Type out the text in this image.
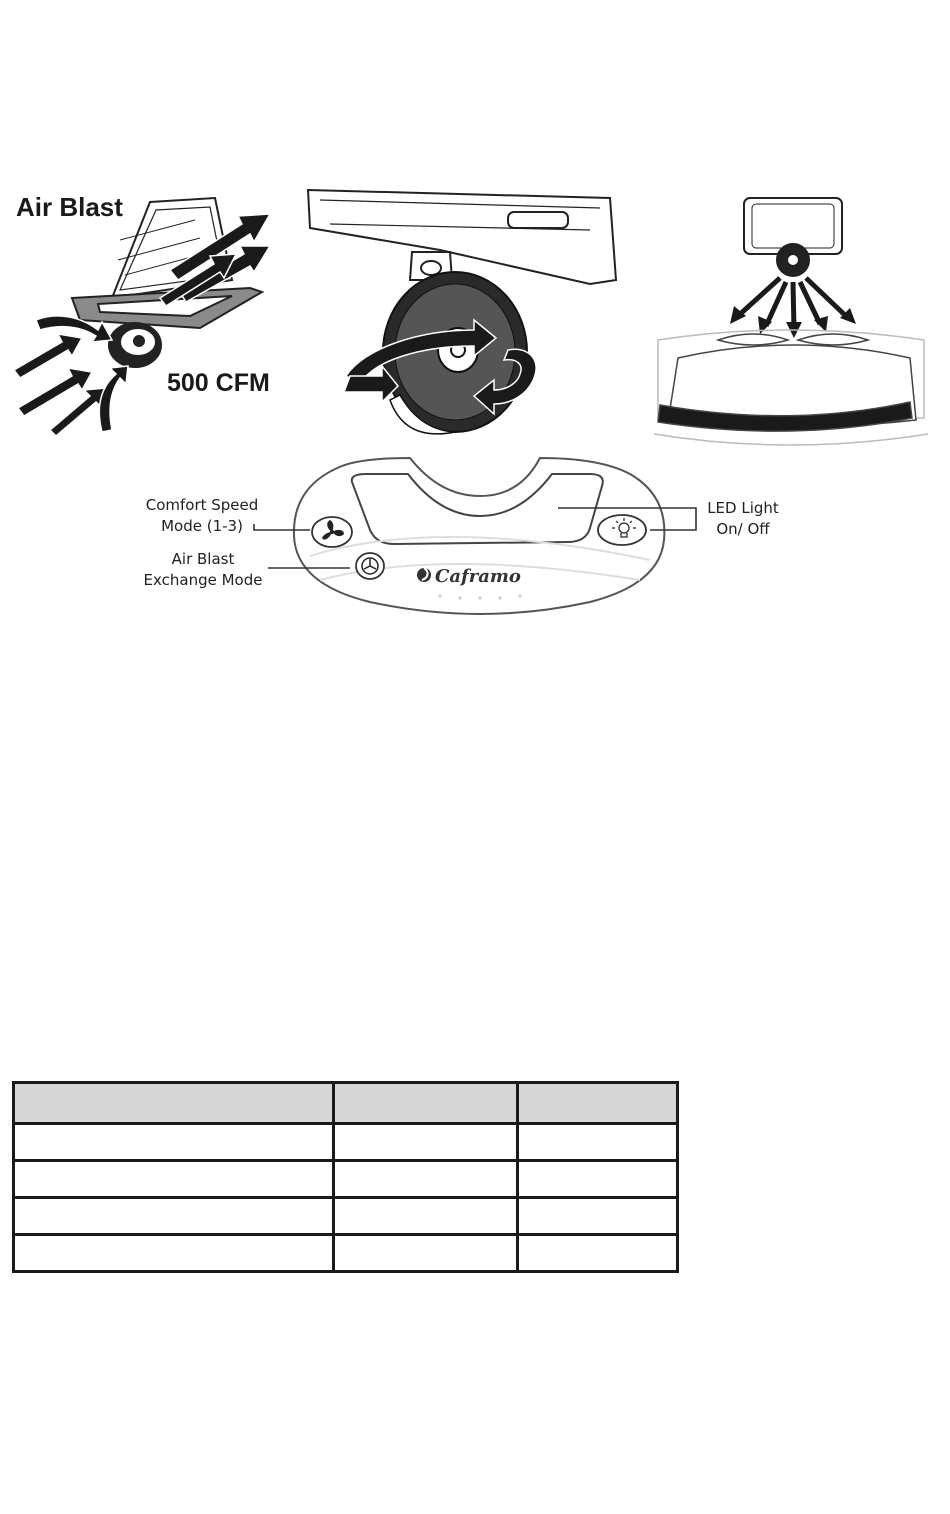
Air Blast
500 CFM
Caframo
Comfort Speed
Mode (1-3)
Air Blast
Exchange Mode
LED Light
On/ Off
